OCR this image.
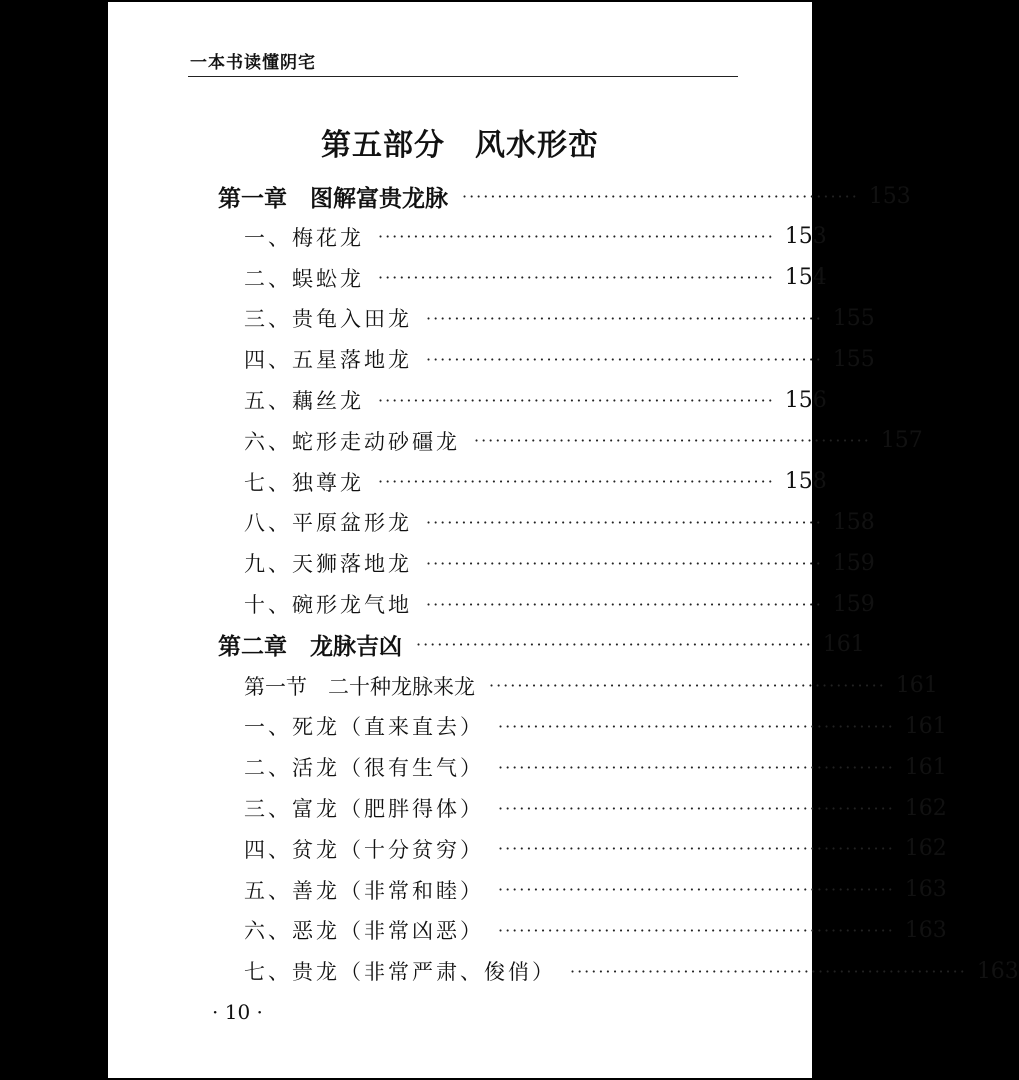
一本书读懂阴宅
第五部分 风水形峦
第一章　图解富贵龙脉 ························································ 153
一、梅花龙 ························································ 153
二、蜈蚣龙 ························································ 154
三、贵龟入田龙 ························································ 155
四、五星落地龙 ························································ 155
五、藕丝龙 ························································ 156
六、蛇形走动砂礓龙 ························································ 157
七、独尊龙 ························································ 158
八、平原盆形龙 ························································ 158
九、天狮落地龙 ························································ 159
十、碗形龙气地 ························································ 159
第二章　龙脉吉凶 ························································ 161
第一节　二十种龙脉来龙 ························································ 161
一、死龙（直来直去） ························································ 161
二、活龙（很有生气） ························································ 161
三、富龙（肥胖得体） ························································ 162
四、贫龙（十分贫穷） ························································ 162
五、善龙（非常和睦） ························································ 163
六、恶龙（非常凶恶） ························································ 163
七、贵龙（非常严肃、俊俏） ························································ 163
· 10 ·
